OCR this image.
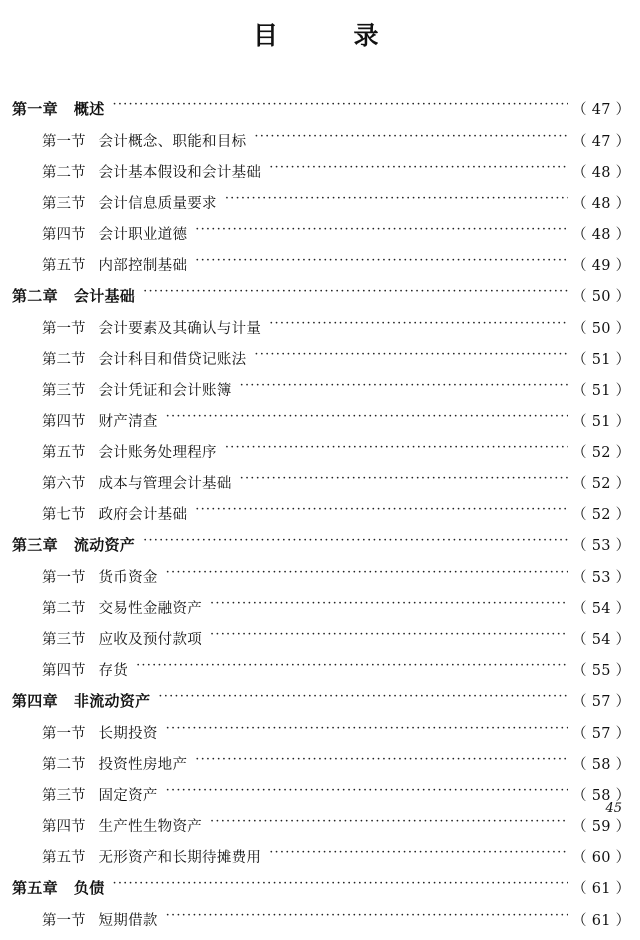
目　　录
第一章 概述 ·····	（ 47 ）
第一节 会计概念、职能和目标 ·····	（ 47 ）
第二节 会计基本假设和会计基础 ·····	（ 48 ）
第三节 会计信息质量要求 ·····	（ 48 ）
第四节 会计职业道德 ·····	（ 48 ）
第五节 内部控制基础 ·····	（ 49 ）
第二章 会计基础 ·····	（ 50 ）
第一节 会计要素及其确认与计量 ·····	（ 50 ）
第二节 会计科目和借贷记账法 ·····	（ 51 ）
第三节 会计凭证和会计账簿 ·····	（ 51 ）
第四节 财产清查 ·····	（ 51 ）
第五节 会计账务处理程序 ·····	（ 52 ）
第六节 成本与管理会计基础 ·····	（ 52 ）
第七节 政府会计基础 ·····	（ 52 ）
第三章 流动资产 ·····	（ 53 ）
第一节 货币资金 ·····	（ 53 ）
第二节 交易性金融资产 ·····	（ 54 ）
第三节 应收及预付款项 ·····	（ 54 ）
第四节 存货 ·····	（ 55 ）
第四章 非流动资产 ·····	（ 57 ）
第一节 长期投资 ·····	（ 57 ）
第二节 投资性房地产 ·····	（ 58 ）
第三节 固定资产 ·····	（ 58 ）
第四节 生产性生物资产 ·····	（ 59 ）
第五节 无形资产和长期待摊费用 ·····	（ 60 ）
第五章 负债 ·····	（ 61 ）
第一节 短期借款 ·····	（ 61 ）
45
